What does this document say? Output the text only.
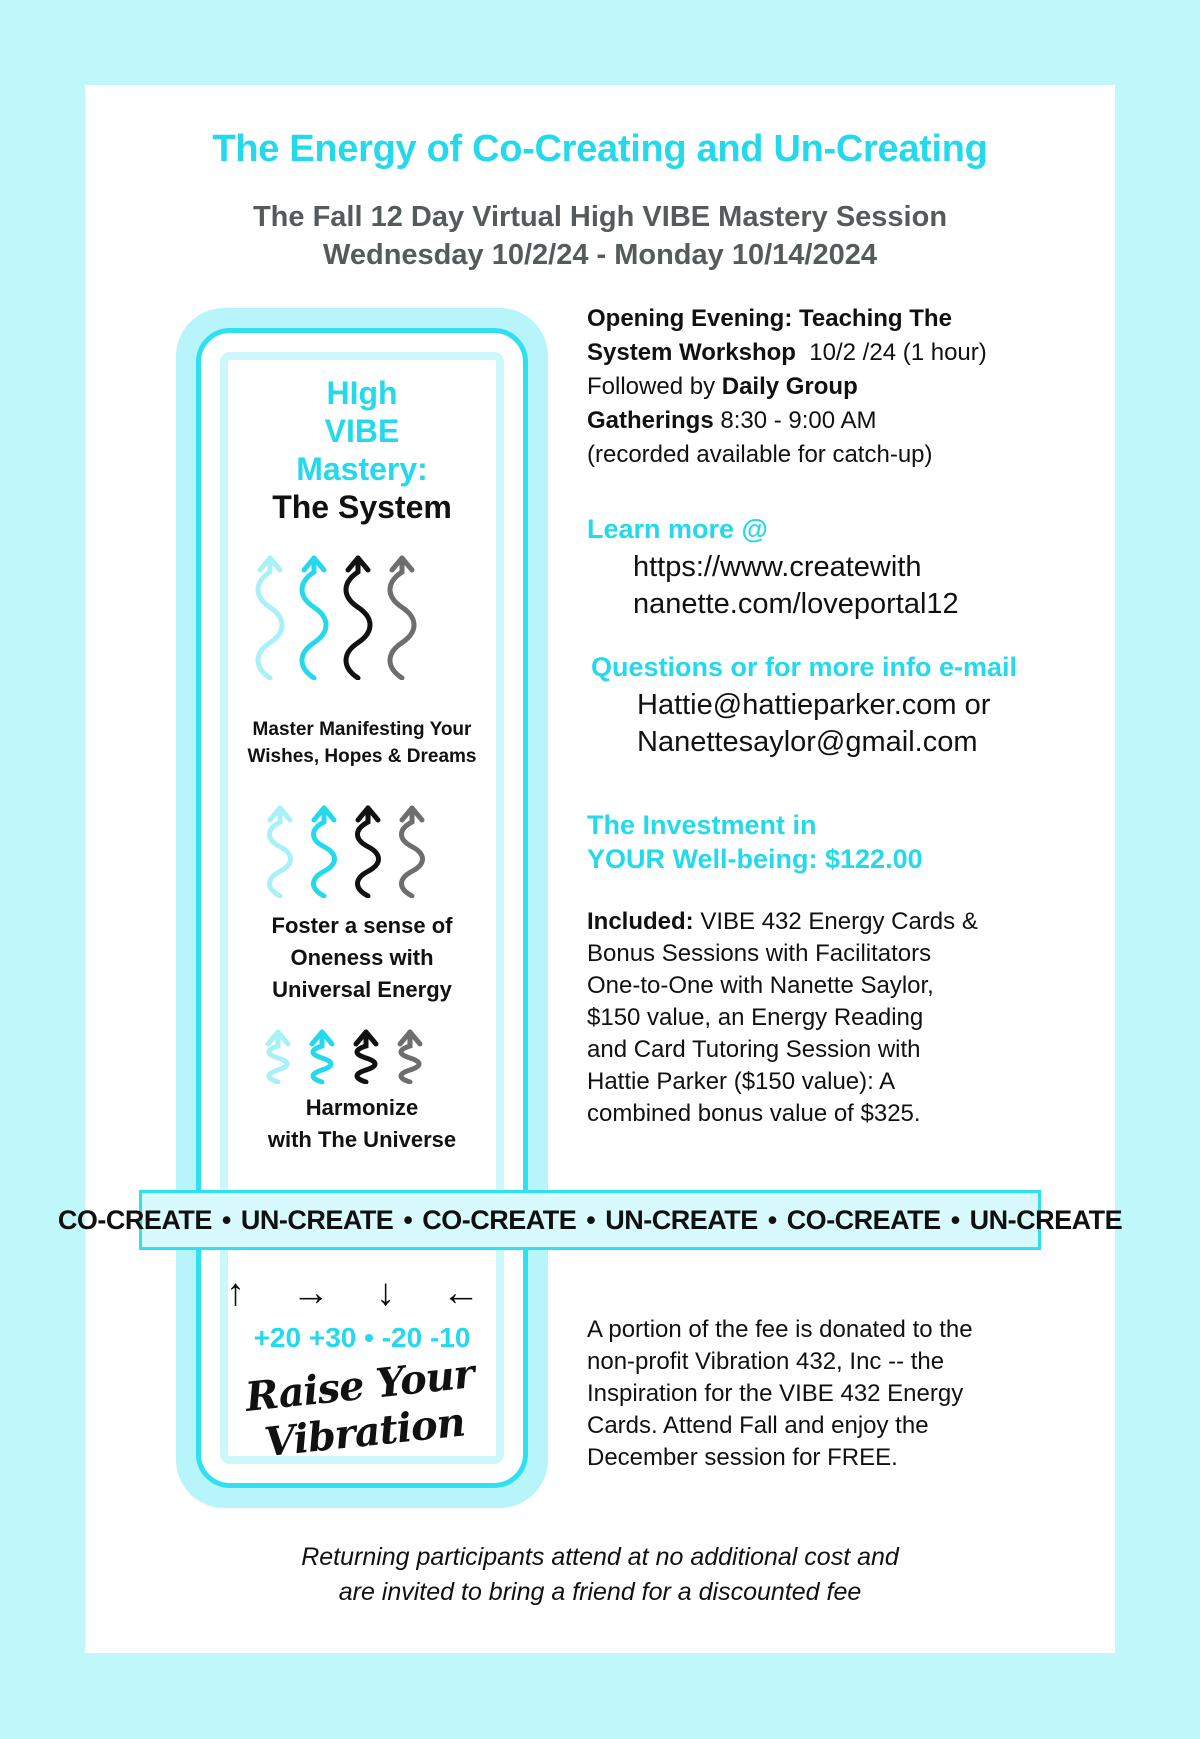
The Energy of Co-Creating and Un-Creating
The Fall 12 Day Virtual High VIBE Mastery Session
Wednesday 10/2/24 - Monday 10/14/2024
HIgh
VIBE
Mastery:
The System
Master Manifesting Your
Wishes, Hopes & Dreams
Foster a sense of
Oneness with
Universal Energy
Harmonize
with The Universe
↑ → ↓ ←
+20 +30 • -20 -10
Raise Your Vibration
CO-CREATE • UN-CREATE • CO-CREATE • UN-CREATE • CO-CREATE • UN-CREATE
Opening Evening: Teaching The
System Workshop 10/2 /24 (1 hour)
Followed by Daily Group
Gatherings 8:30 - 9:00 AM
(recorded available for catch-up)
Learn more @
https://www.createwith
nanette.com/loveportal12
Questions or for more info e-mail
Hattie@hattieparker.com or
Nanettesaylor@gmail.com
The Investment in
YOUR Well-being: $122.00
Included: VIBE 432 Energy Cards &
Bonus Sessions with Facilitators
One-to-One with Nanette Saylor,
$150 value, an Energy Reading
and Card Tutoring Session with
Hattie Parker ($150 value): A
combined bonus value of $325.
A portion of the fee is donated to the
non-profit Vibration 432, Inc -- the
Inspiration for the VIBE 432 Energy
Cards. Attend Fall and enjoy the
December session for FREE.
Returning participants attend at no additional cost and
are invited to bring a friend for a discounted fee
